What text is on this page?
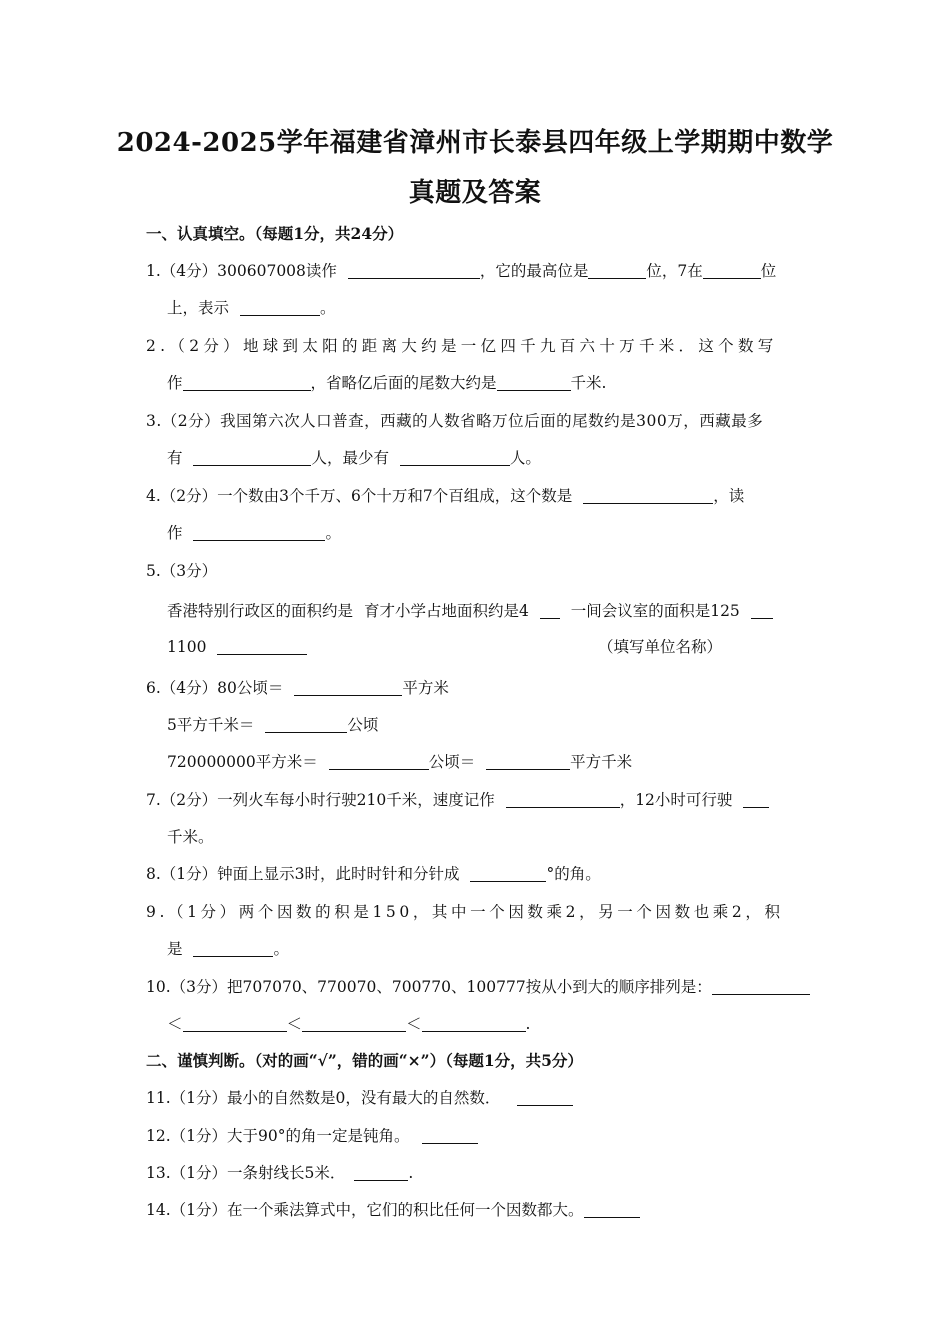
2024-2025学年福建省漳州市长泰县四年级上学期期中数学
真题及答案
一、认真填空。（每题1分，共24分）
1.（4分）300607008读作	，它的最高位是	位，7在	位
上，表示	。
2.（2分）地球到太阳的距离大约是一亿四千九百六十万千米．这个数写
作	，省略亿后面的尾数大约是	千米.
3.（2分）我国第六次人口普查，西藏的人数省略万位后面的尾数约是300万，西藏最多
有	人，最少有	人。
4.（2分）一个数由3个千万、6个十万和7个百组成，这个数是	，读
作	。
5.（3分）
香港特别行政区的面积约是 育才小学占地面积约是4	一间会议室的面积是125
1100	（填写单位名称）
6.（4分）80公顷＝	平方米
5平方千米＝	公顷
720000000平方米＝	公顷＝	平方千米
7.（2分）一列火车每小时行驶210千米，速度记作	，12小时可行驶
千米。
8.（1分）钟面上显示3时，此时时针和分针成	°的角。
9.（1分）两个因数的积是150，其中一个因数乘2，另一个因数也乘2，积
是	。
10.（3分）把707070、770070、700770、100777按从小到大的顺序排列是：
＜	＜	＜	.
二、谨慎判断。（对的画“√”，错的画“×”）（每题1分，共5分）
11.（1分）最小的自然数是0，没有最大的自然数．
12.（1分）大于90°的角一定是钝角。
13.（1分）一条射线长5米．	.
14.（1分）在一个乘法算式中，它们的积比任何一个因数都大。
